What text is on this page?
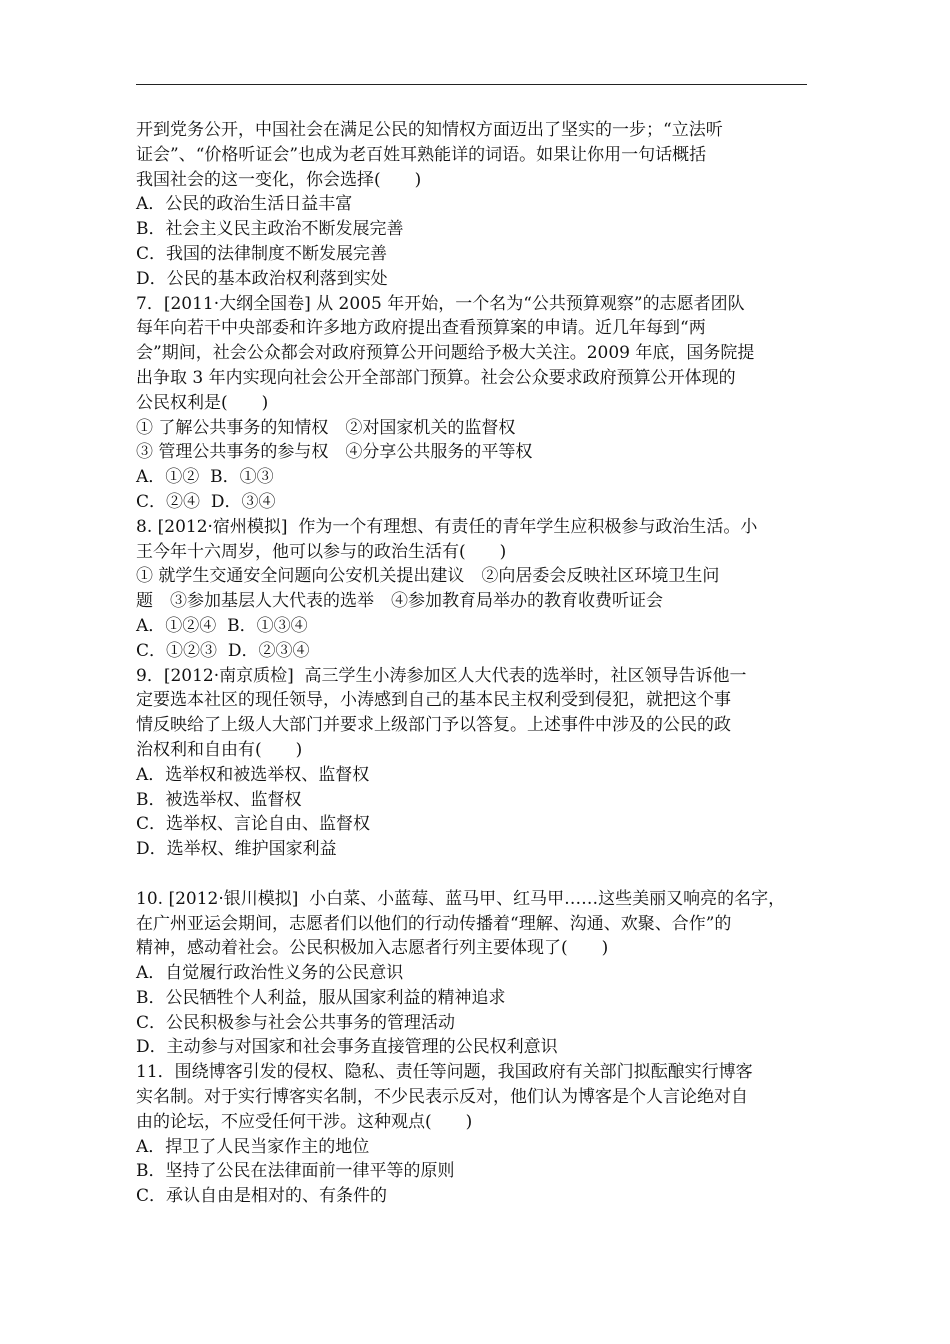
开到党务公开，中国社会在满足公民的知情权方面迈出了坚实的一步；“立法听
证会”、“价格听证会”也成为老百姓耳熟能详的词语。如果让你用一句话概括
我国社会的这一变化，你会选择(　　)
A．公民的政治生活日益丰富
B．社会主义民主政治不断发展完善
C．我国的法律制度不断发展完善
D．公民的基本政治权利落到实处
7．[2011·大纲全国卷] 从 2005 年开始，一个名为“公共预算观察”的志愿者团队
每年向若干中央部委和许多地方政府提出查看预算案的申请。近几年每到“两
会”期间，社会公众都会对政府预算公开问题给予极大关注。2009 年底，国务院提
出争取 3 年内实现向社会公开全部部门预算。社会公众要求政府预算公开体现的
公民权利是(　　)
① 了解公共事务的知情权　②对国家机关的监督权
③ 管理公共事务的参与权　④分享公共服务的平等权
A．①②  B．①③
C．②④  D．③④
8. [2012·宿州模拟]  作为一个有理想、有责任的青年学生应积极参与政治生活。小
王今年十六周岁，他可以参与的政治生活有(　　)
① 就学生交通安全问题向公安机关提出建议　②向居委会反映社区环境卫生问
题　③参加基层人大代表的选举　④参加教育局举办的教育收费听证会
A．①②④  B．①③④
C．①②③  D．②③④
9．[2012·南京质检]  高三学生小涛参加区人大代表的选举时，社区领导告诉他一
定要选本社区的现任领导，小涛感到自己的基本民主权利受到侵犯，就把这个事
情反映给了上级人大部门并要求上级部门予以答复。上述事件中涉及的公民的政
治权利和自由有(　　)
A．选举权和被选举权、监督权
B．被选举权、监督权
C．选举权、言论自由、监督权
D．选举权、维护国家利益
10. [2012·银川模拟]  小白菜、小蓝莓、蓝马甲、红马甲……这些美丽又响亮的名字，
在广州亚运会期间，志愿者们以他们的行动传播着“理解、沟通、欢聚、合作”的
精神，感动着社会。公民积极加入志愿者行列主要体现了(　　)
A．自觉履行政治性义务的公民意识
B．公民牺牲个人利益，服从国家利益的精神追求
C．公民积极参与社会公共事务的管理活动
D．主动参与对国家和社会事务直接管理的公民权利意识
11．围绕博客引发的侵权、隐私、责任等问题，我国政府有关部门拟酝酿实行博客
实名制。对于实行博客实名制，不少民表示反对，他们认为博客是个人言论绝对自
由的论坛，不应受任何干涉。这种观点(　　)
A．捍卫了人民当家作主的地位
B．坚持了公民在法律面前一律平等的原则
C．承认自由是相对的、有条件的
